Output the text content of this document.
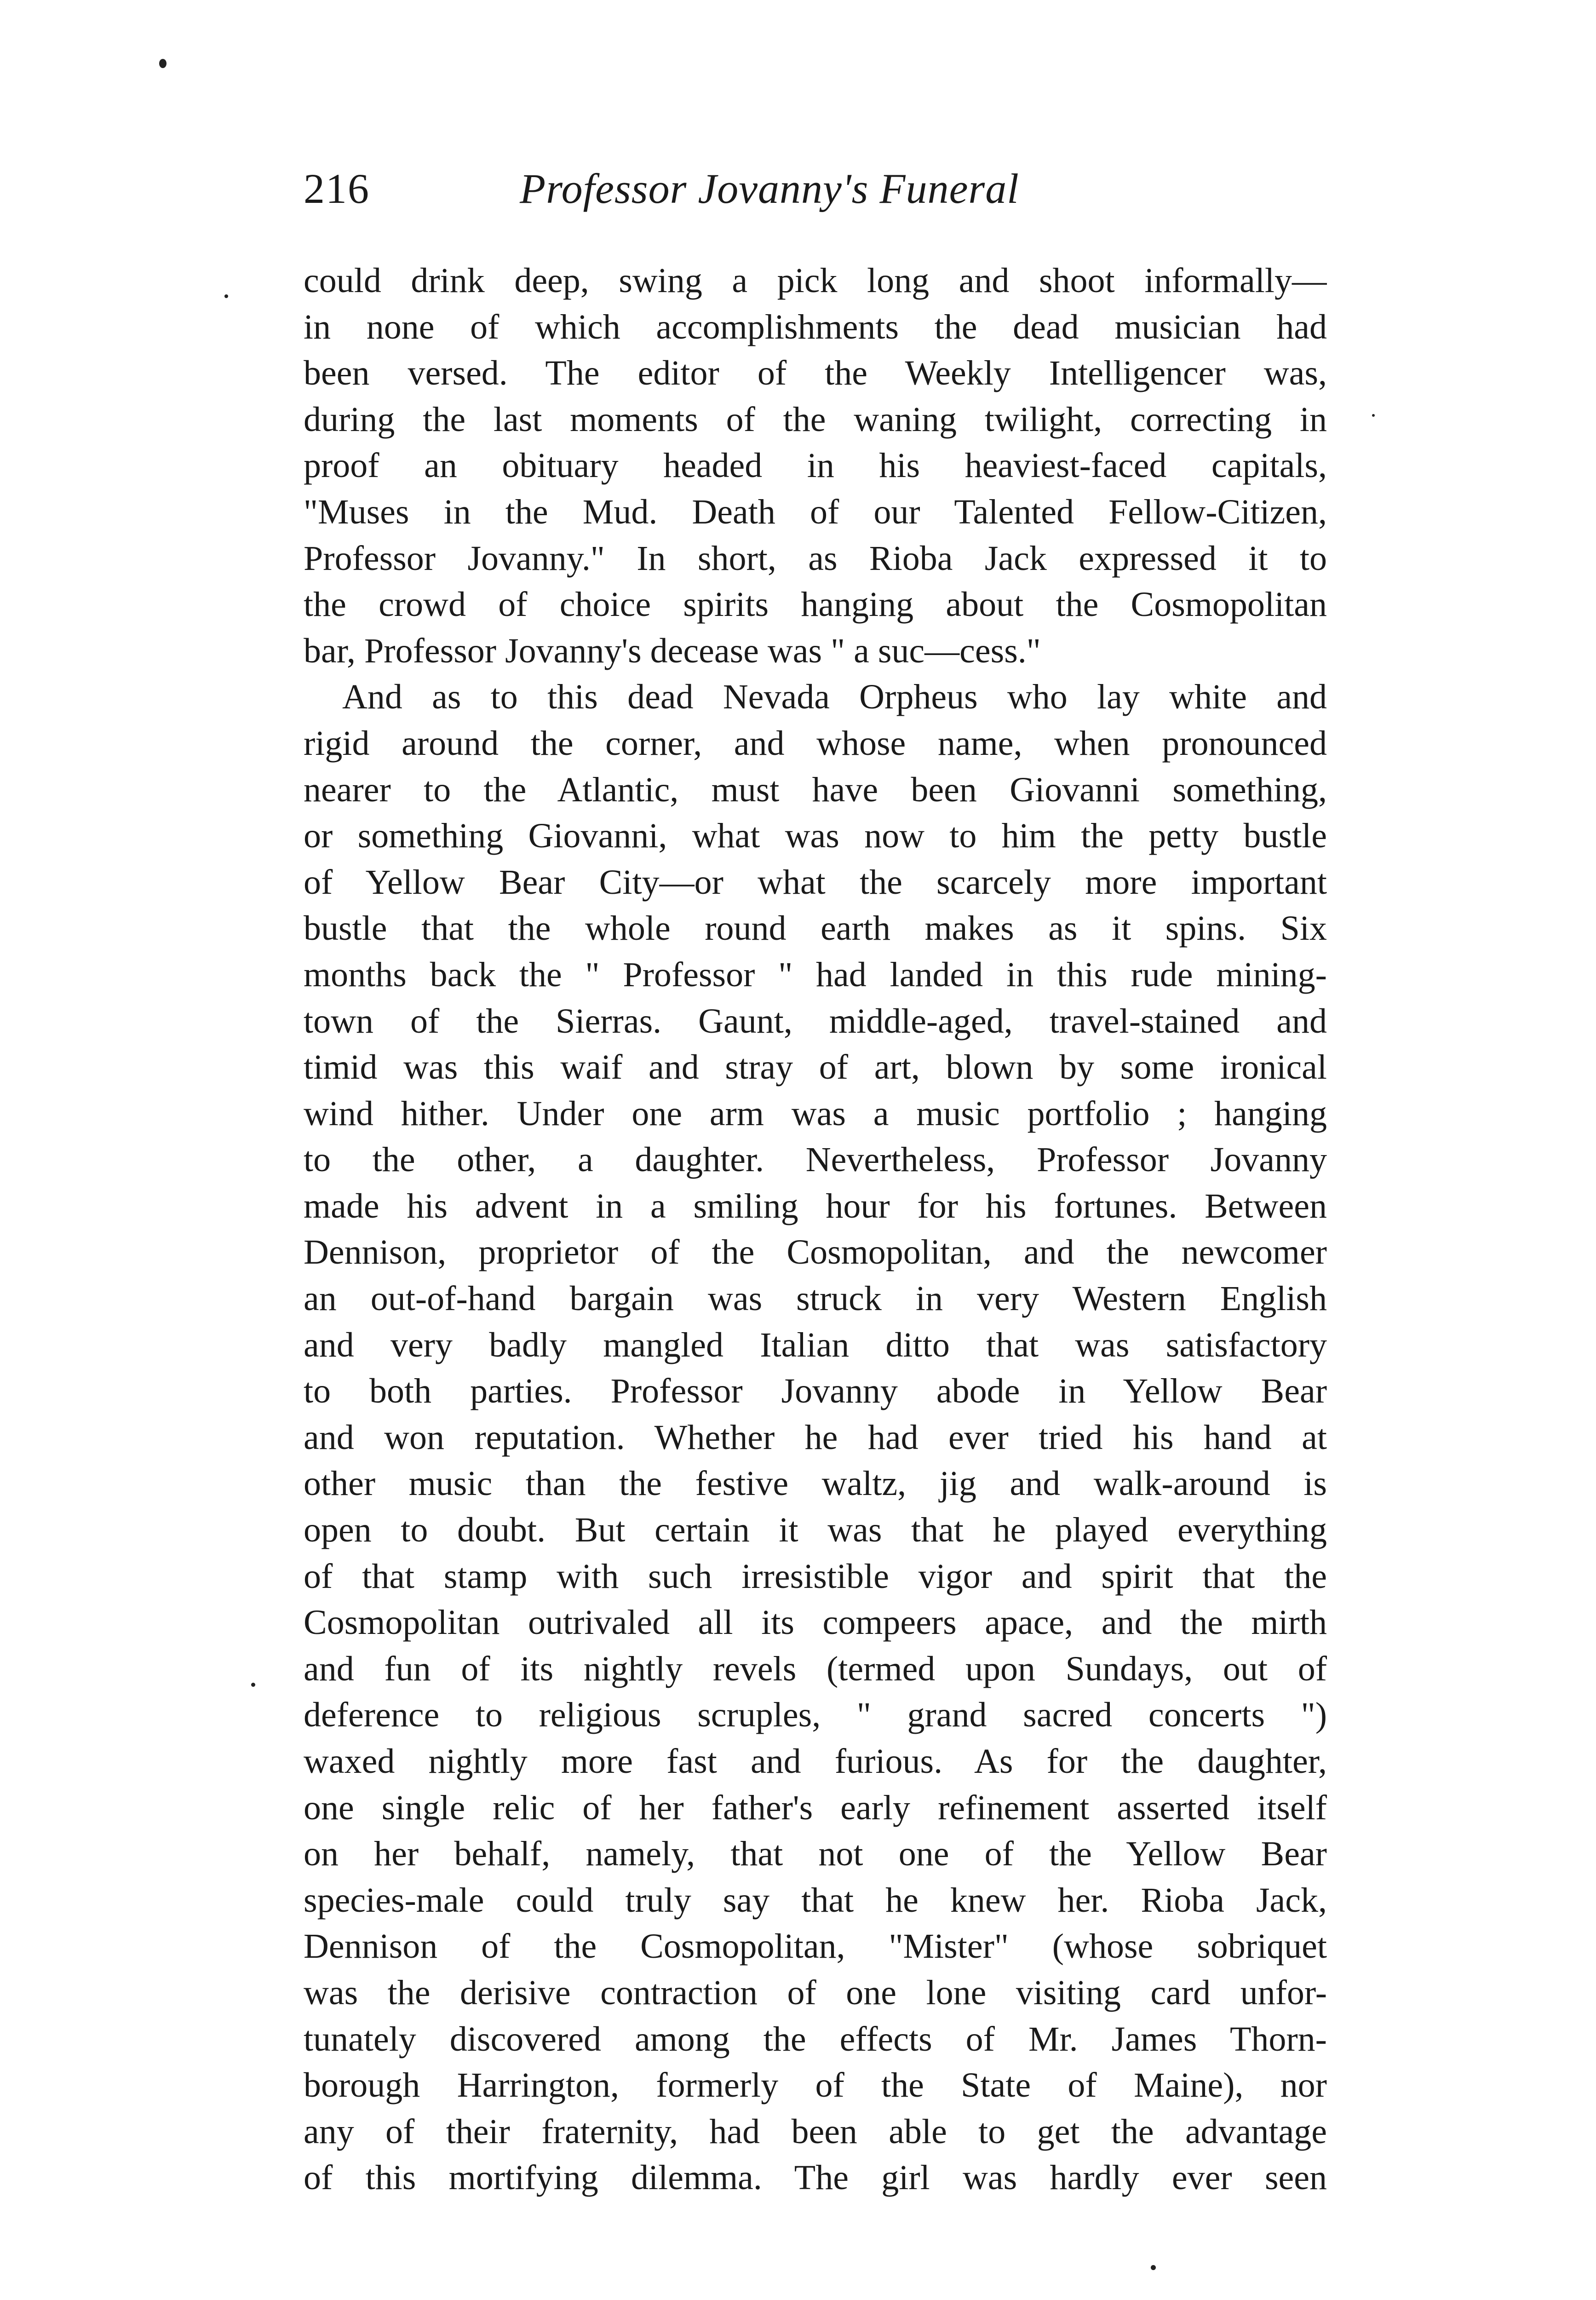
216	Professor Jovanny's Funeral
could drink deep, swing a pick long and shoot informally—
in none of which accomplishments the dead musician had
been versed. The editor of the Weekly Intelligencer was,
during the last moments of the waning twilight, correcting in
proof an obituary headed in his heaviest-faced capitals,
"Muses in the Mud. Death of our Talented Fellow-Citizen,
Professor Jovanny." In short, as Rioba Jack expressed it to
the crowd of choice spirits hanging about the Cosmopolitan
bar, Professor Jovanny's decease was " a suc—cess."
And as to this dead Nevada Orpheus who lay white and
rigid around the corner, and whose name, when pronounced
nearer to the Atlantic, must have been Giovanni something,
or something Giovanni, what was now to him the petty bustle
of Yellow Bear City—or what the scarcely more important
bustle that the whole round earth makes as it spins. Six
months back the " Professor " had landed in this rude mining-
town of the Sierras. Gaunt, middle-aged, travel-stained and
timid was this waif and stray of art, blown by some ironical
wind hither. Under one arm was a music portfolio ; hanging
to the other, a daughter. Nevertheless, Professor Jovanny
made his advent in a smiling hour for his fortunes. Between
Dennison, proprietor of the Cosmopolitan, and the newcomer
an out-of-hand bargain was struck in very Western English
and very badly mangled Italian ditto that was satisfactory
to both parties. Professor Jovanny abode in Yellow Bear
and won reputation. Whether he had ever tried his hand at
other music than the festive waltz, jig and walk-around is
open to doubt. But certain it was that he played everything
of that stamp with such irresistible vigor and spirit that the
Cosmopolitan outrivaled all its compeers apace, and the mirth
and fun of its nightly revels (termed upon Sundays, out of
deference to religious scruples, " grand sacred concerts ")
waxed nightly more fast and furious. As for the daughter,
one single relic of her father's early refinement asserted itself
on her behalf, namely, that not one of the Yellow Bear
species-male could truly say that he knew her. Rioba Jack,
Dennison of the Cosmopolitan, "Mister" (whose sobriquet
was the derisive contraction of one lone visiting card unfor-
tunately discovered among the effects of Mr. James Thorn-
borough Harrington, formerly of the State of Maine), nor
any of their fraternity, had been able to get the advantage
of this mortifying dilemma. The girl was hardly ever seen
